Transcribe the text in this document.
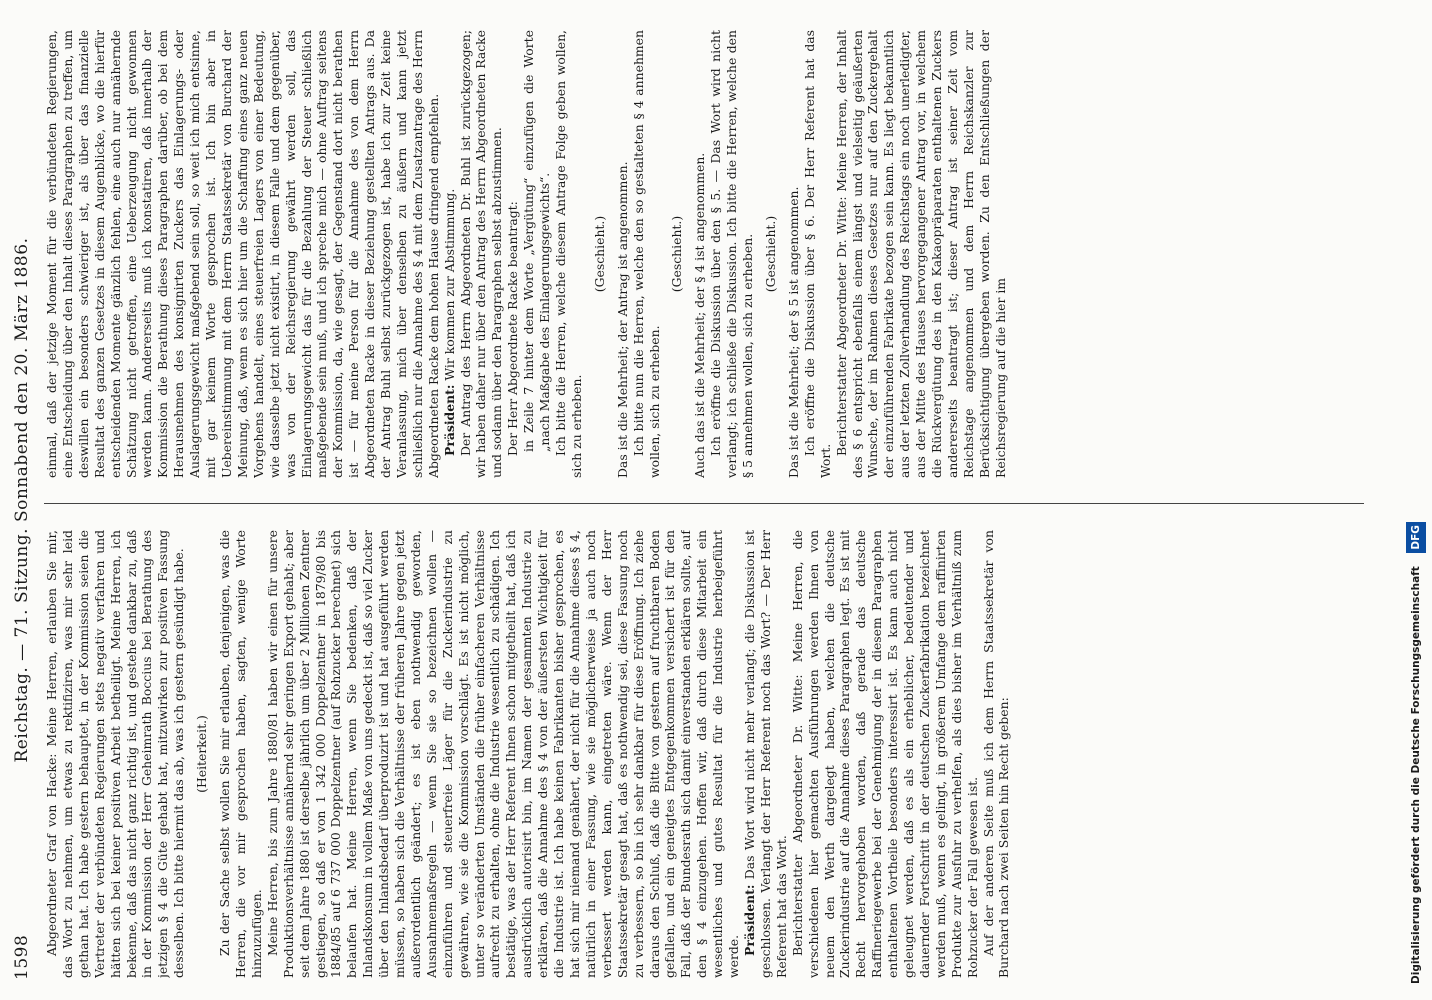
1598
Reichstag. — 71. Sitzung. Sonnabend den 20. März 1886. Abgeordneter Graf von Hacke: Meine Herren, erlauben Sie mir, das Wort zu nehmen, um etwas zu rektifiziren, was mir sehr leid gethan hat. Ich habe gestern behauptet, in der Kommission seien die Vertreter der verbündeten Regierungen stets negativ verfahren und hätten sich bei keiner positiven Arbeit betheiligt. Meine Herren, ich bekenne, daß das nicht ganz richtig ist, und gestehe dankbar zu, daß in der Kommission der Herr Geheimrath Boccius bei Berathung des jetzigen § 4 die Güte gehabt hat, mitzuwirken zur positiven Fassung desselben. Ich bitte hiermit das ab, was ich gestern gesündigt habe. (Heiterkeit.) Zu der Sache selbst wollen Sie mir erlauben, denjenigen, was die Herren, die vor mir gesprochen haben, sagten, wenige Worte hinzuzufügen. Meine Herren, bis zum Jahre 1880/81 haben wir einen für unsere Produktionsverhältnisse annähernd sehr geringen Export gehabt; aber seit dem Jahre 1880 ist derselbe jährlich um über 2 Millionen Zentner gestiegen, so daß er von 1 342 000 Doppelzentner in 1879/80 bis 1884/85 auf 6 737 000 Doppelzentner (auf Rohzucker berechnet) sich belaufen hat. Meine Herren, wenn Sie bedenken, daß der Inlandskonsum in vollem Maße von uns gedeckt ist, daß so viel Zucker über den Inlandsbedarf überproduzirt ist und hat ausgeführt werden müssen, so haben sich die Verhältnisse der früheren Jahre gegen jetzt außerordentlich geändert; es ist eben nothwendig geworden, Ausnahmemaßregeln — wenn Sie sie so bezeichnen wollen — einzuführen und steuerfreie Läger für die Zuckerindustrie zu gewähren, wie sie die Kommission vorschlägt. Es ist nicht möglich, unter so veränderten Umständen die früher einfacheren Verhältnisse aufrecht zu erhalten, ohne die Industrie wesentlich zu schädigen. Ich bestätige, was der Herr Referent Ihnen schon mitgetheilt hat, daß ich ausdrücklich autorisirt bin, im Namen der gesammten Industrie zu erklären, daß die Annahme des § 4 von der äußersten Wichtigkeit für die Industrie ist. Ich habe keinen Fabrikanten bisher gesprochen, es hat sich mir niemand genähert, der nicht für die Annahme dieses § 4, natürlich in einer Fassung, wie sie möglicherweise ja auch noch verbessert werden kann, eingetreten wäre. Wenn der Herr Staatssekretär gesagt hat, daß es nothwendig sei, diese Fassung noch zu verbessern, so bin ich sehr dankbar für diese Eröffnung. Ich ziehe daraus den Schluß, daß die Bitte von gestern auf fruchtbaren Boden gefallen, und ein geneigtes Entgegenkommen versichert ist für den Fall, daß der Bundesrath sich damit einverstanden erklären sollte, auf den § 4 einzugehen. Hoffen wir, daß durch diese Mitarbeit ein wesentliches und gutes Resultat für die Industrie herbeigeführt werde.

Präsident: Das Wort wird nicht mehr verlangt; die Diskussion ist geschlossen. Verlangt der Herr Referent noch das Wort? — Der Herr Referent hat das Wort. Berichterstatter Abgeordneter Dr. Witte: Meine Herren, die verschiedenen hier gemachten Ausführungen werden Ihnen von neuem den Werth dargelegt haben, welchen die deutsche Zuckerindustrie auf die Annahme dieses Paragraphen legt. Es ist mit Recht hervorgehoben worden, daß gerade das deutsche Raffineriegewerbe bei der Genehmigung der in diesem Paragraphen enthaltenen Vortheile besonders interessirt ist. Es kann auch nicht geleugnet werden, daß es als ein erheblicher, bedeutender und dauernder Fortschritt in der deutschen Zuckerfabrikation bezeichnet werden muß, wenn es gelingt, in größerem Umfange dem raffinirten Produkte zur Ausfuhr zu verhelfen, als dies bisher im Verhältniß zum Rohzucker der Fall gewesen ist. Auf der anderen Seite muß ich dem Herrn Staatssekretär von Burchard nach zwei Seiten hin Recht geben:

einmal, daß der jetzige Moment für die verbündeten Regierungen, eine Entscheidung über den Inhalt dieses Paragraphen zu treffen, um deswillen ein besonders schwieriger ist, als über das finanzielle Resultat des ganzen Gesetzes in diesem Augenblicke, wo die hierfür entscheidenden Momente gänzlich fehlen, eine auch nur annähernde Schätzung nicht getroffen, eine Ueberzeugung nicht gewonnen werden kann. Andererseits muß ich konstatiren, daß innerhalb der Kommission die Berathung dieses Paragraphen darüber, ob bei dem Herausnehmen des konsignirten Zuckers das Einlagerungs- oder Auslagerungsgewicht maßgebend sein soll, so weit ich mich entsinne, mit gar keinem Worte gesprochen ist. Ich bin aber in Uebereinstimmung mit dem Herrn Staatssekretär von Burchard der Meinung, daß, wenn es sich hier um die Schaffung eines ganz neuen Vorgehens handelt, eines steuerfreien Lagers von einer Bedeutung, wie dasselbe jetzt nicht existirt, in diesem Falle und dem gegenüber, was von der Reichsregierung gewährt werden soll, das Einlagerungsgewicht das für die Bezahlung der Steuer schließlich maßgebende sein muß, und ich spreche mich — ohne Auftrag seitens der Kommission, da, wie gesagt, der Gegenstand dort nicht berathen ist — für meine Person für die Annahme des von dem Herrn Abgeordneten Racke in dieser Beziehung gestellten Antrags aus. Da der Antrag Buhl selbst zurückgezogen ist, habe ich zur Zeit keine Veranlassung, mich über denselben zu äußern und kann jetzt schließlich nur die Annahme des § 4 mit dem Zusatzantrage des Herrn Abgeordneten Racke dem hohen Hause dringend empfehlen. Präsident: Wir kommen zur Abstimmung. Der Antrag des Herrn Abgeordneten Dr. Buhl ist zurückgezogen; wir haben daher nur über den Antrag des Herrn Abgeordneten Racke und sodann über den Paragraphen selbst abzustimmen. Der Herr Abgeordnete Racke beantragt: in Zeile 7 hinter dem Worte „Vergütung“ einzufügen die Worte „nach Maßgabe des Einlagerungsgewichts“. Ich bitte die Herren, welche diesem Antrage Folge geben wollen, sich zu erheben.

(Geschieht.) Das ist die Mehrheit; der Antrag ist angenommen. Ich bitte nun die Herren, welche den so gestalteten § 4 annehmen wollen, sich zu erheben.

(Geschieht.) Auch das ist die Mehrheit; der § 4 ist angenommen. Ich eröffne die Diskussion über den § 5. — Das Wort wird nicht verlangt; ich schließe die Diskussion. Ich bitte die Herren, welche den § 5 annehmen wollen, sich zu erheben. (Geschieht.) Das ist die Mehrheit; der § 5 ist angenommen. Ich eröffne die Diskussion über § 6. Der Herr Referent hat das Wort.

Berichterstatter Abgeordneter Dr. Witte: Meine Herren, der Inhalt des § 6 entspricht ebenfalls einem längst und vielseitig geäußerten Wunsche, der im Rahmen dieses Gesetzes nur auf den Zuckergehalt der einzuführenden Fabrikate bezogen sein kann. Es liegt bekanntlich aus der letzten Zollverhandlung des Reichstags ein noch unerledigter, aus der Mitte des Hauses hervorgegangener Antrag vor, in welchem die Rückvergütung des in den Kakaopräparaten enthaltenen Zuckers andererseits beantragt ist; dieser Antrag ist seiner Zeit vom Reichstage angenommen und dem Herrn Reichskanzler zur Berücksichtigung übergeben worden. Zu den Entschließungen der Reichsregierung auf die hier im

Digitalisierung gefördert durch die Deutsche Forschungsgemeinschaft DFG
